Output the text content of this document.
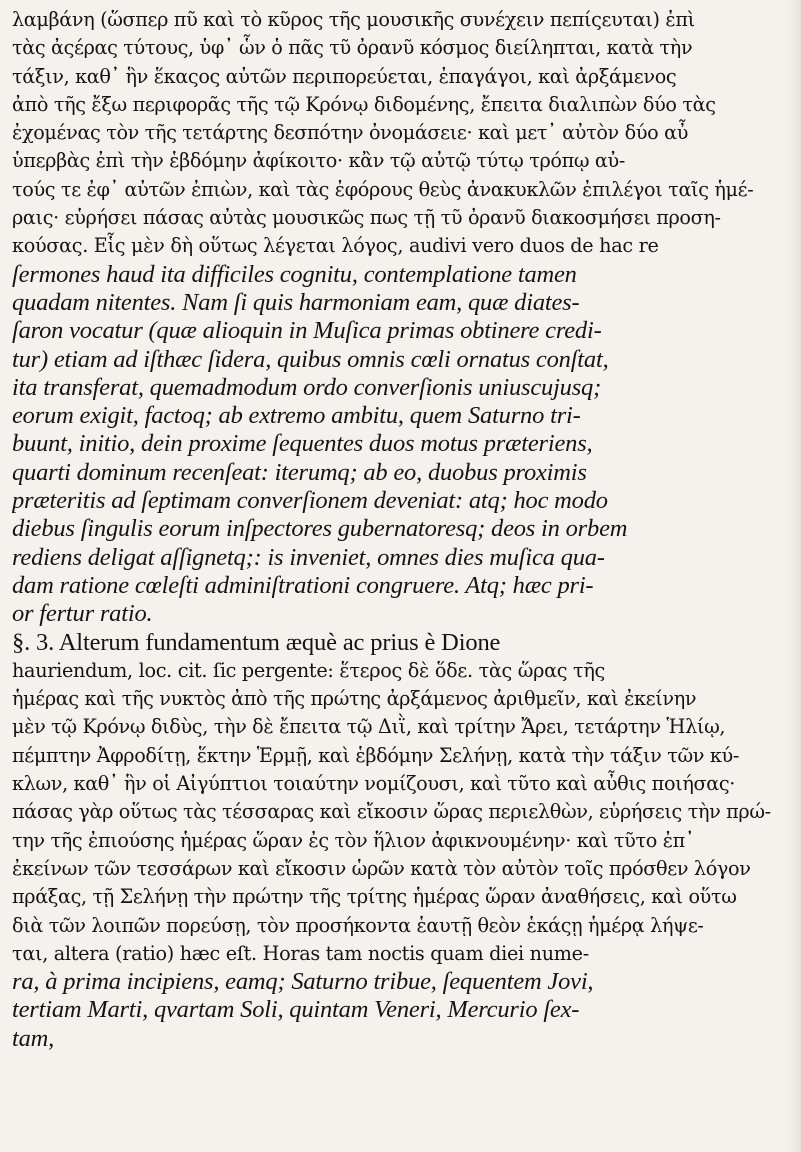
λαμβάνη (ὥσπερ πῦ καὶ τὸ κῦρος τῆς μουσικῆς συνέχειν πεπίςευται) ἐπὶ
τὰς ἀςέρας τύτους, ὑφ᾽ ὧν ὁ πᾶς τῦ ὀρανῦ κόσμος διείληπται, κατὰ τὴν
τάξιν, καθ᾽ ἣν ἕκαςος αὐτῶν περιπορεύεται, ἐπαγάγοι, καὶ ἀρξάμενος
ἀπὸ τῆς ἔξω περιφορᾶς τῆς τῷ Κρόνῳ διδομένης, ἔπειτα διαλιπὼν δύο τὰς
ἐχομένας τὸν τῆς τετάρτης δεσπότην ὀνομάσειε· καὶ μετ᾽ αὐτὸν δύο αὖ
ὑπερβὰς ἐπὶ τὴν ἑβδόμην ἀφίκοιτο· κἂν τῷ αὐτῷ τύτῳ τρόπῳ αὐ-
τούς τε ἐφ᾽ αὐτῶν ἐπιὼν, καὶ τὰς ἐφόρους θεὺς ἀνακυκλῶν ἐπιλέγοι ταῖς ἡμέ-
ραις· εὑρήσει πάσας αὐτὰς μουσικῶς πως τῇ τῦ ὀρανῦ διακοσμήσει προση-
κούσας. Εἷς μὲν δὴ οὕτως λέγεται λόγος, audivi vero duos de hac re
ſermones haud ita difficiles cognitu, contemplatione tamen
quadam nitentes. Nam ſi quis harmoniam eam, quæ diates-
ſaron vocatur (quæ alioquin in Muſica primas obtinere credi-
tur) etiam ad iſthæc ſidera, quibus omnis cœli ornatus conſtat,
ita transferat, quemadmodum ordo converſionis uniuscujusq;
eorum exigit, factoq; ab extremo ambitu, quem Saturno tri-
buunt, initio, dein proxime ſequentes duos motus præteriens,
quarti dominum recenſeat: iterumq; ab eo, duobus proximis
præteritis ad ſeptimam converſionem deveniat: atq; hoc modo
diebus ſingulis eorum inſpectores gubernatoresq; deos in orbem
rediens deligat aſſignetq;: is inveniet, omnes dies muſica qua-
dam ratione cœleſti adminiſtrationi congruere. Atq; hæc pri-
or fertur ratio.
§. 3. Alterum fundamentum æquè ac prius è Dione
hauriendum, loc. cit. ſic pergente: ἕτερος δὲ ὅδε. τὰς ὥρας τῆς
ἡμέρας καὶ τῆς νυκτὸς ἀπὸ τῆς πρώτης ἀρξάμενος ἀριθμεῖν, καὶ ἐκείνην
μὲν τῷ Κρόνῳ διδὺς, τὴν δὲ ἔπειτα τῷ Διῒ, καὶ τρίτην Ἄρει, τετάρτην Ἡλίῳ,
πέμπτην Ἀφροδίτῃ, ἕκτην Ἑρμῇ, καὶ ἑβδόμην Σελήνῃ, κατὰ τὴν τάξιν τῶν κύ-
κλων, καθ᾽ ἣν οἱ Αἰγύπτιοι τοιαύτην νομίζουσι, καὶ τῦτο καὶ αὖθις ποιήσας·
πάσας γὰρ οὕτως τὰς τέσσαρας καὶ εἴκοσιν ὥρας περιελθὼν, εὑρήσεις τὴν πρώ-
την τῆς ἐπιούσης ἡμέρας ὥραν ἐς τὸν ἥλιον ἀφικνουμένην· καὶ τῦτο ἐπ᾽
ἐκείνων τῶν τεσσάρων καὶ εἴκοσιν ὡρῶν κατὰ τὸν αὐτὸν τοῖς πρόσθεν λόγον
πράξας, τῇ Σελήνῃ τὴν πρώτην τῆς τρίτης ἡμέρας ὥραν ἀναθήσεις, καὶ οὕτω
διὰ τῶν λοιπῶν πορεύσῃ, τὸν προσήκοντα ἑαυτῇ θεὸν ἑκάςῃ ἡμέρᾳ λήψε-
ται, altera (ratio) hæc eſt. Horas tam noctis quam diei nume-
ra, à prima incipiens, eamq; Saturno tribue, ſequentem Jovi,
tertiam Marti, qvartam Soli, quintam Veneri, Mercurio ſex-
tam,
